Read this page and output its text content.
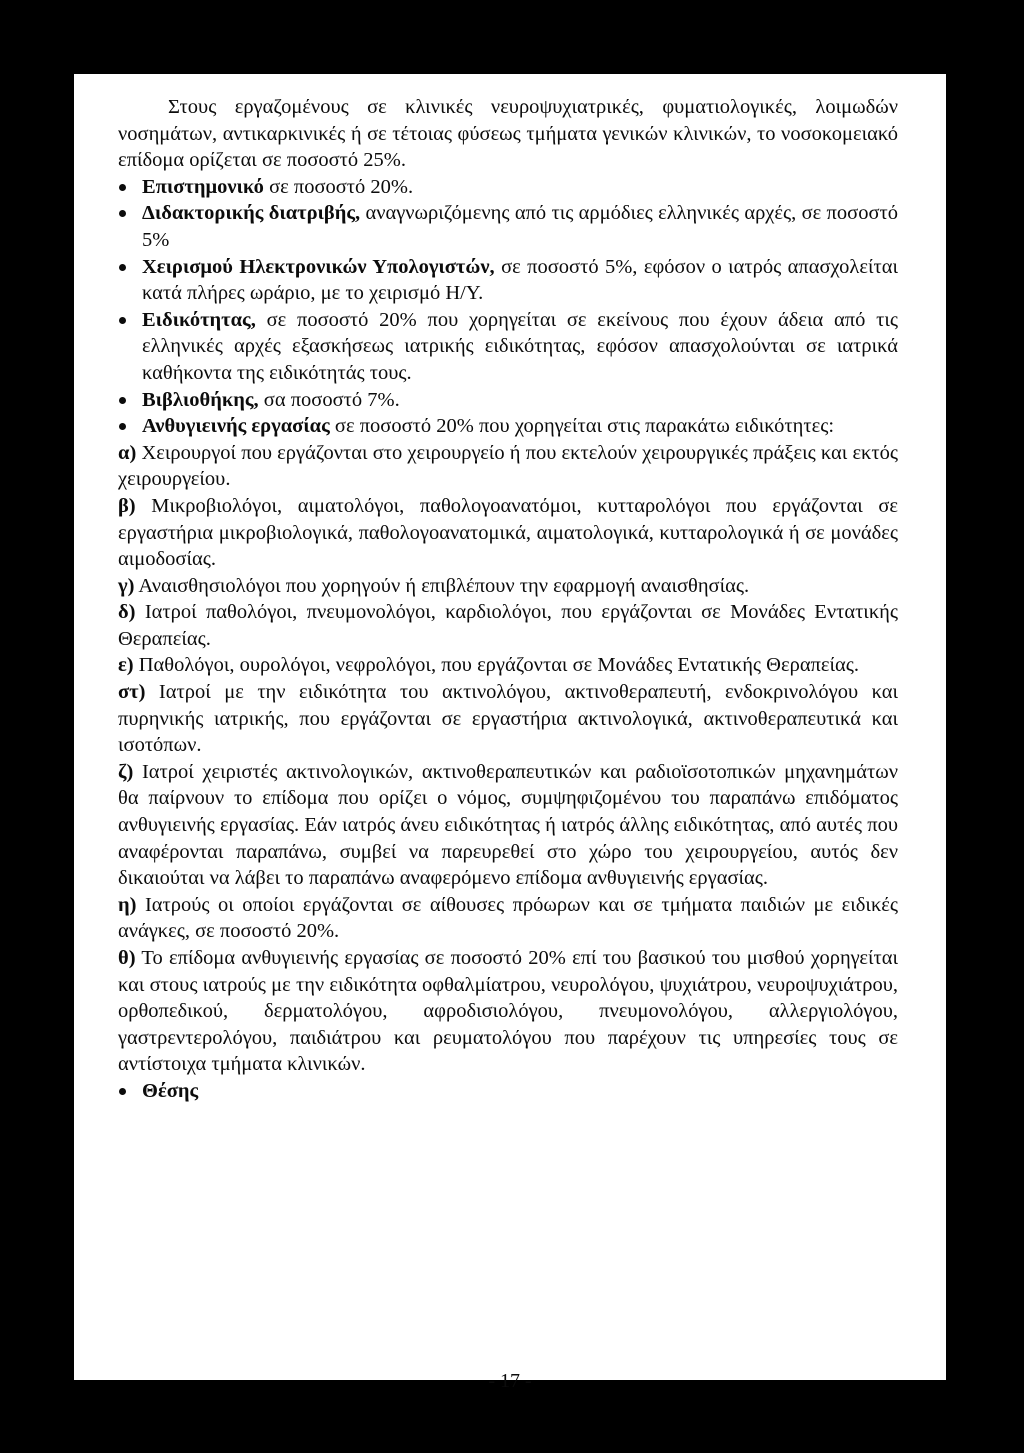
Στους εργαζομένους σε κλινικές νευροψυχιατρικές, φυματιολογικές, λοιμωδών νοσημάτων, αντικαρκινικές ή σε τέτοιας φύσεως τμήματα γενικών κλινικών, το νοσοκομειακό επίδομα ορίζεται σε ποσοστό 25%.

Επιστημονικό σε ποσοστό 20%.
Διδακτορικής διατριβής, αναγνωριζόμενης από τις αρμόδιες ελληνικές αρχές, σε ποσοστό 5%
Χειρισμού Ηλεκτρονικών Υπολογιστών, σε ποσοστό 5%, εφόσον ο ιατρός απασχολείται κατά πλήρες ωράριο, με το χειρισμό Η/Υ.
Ειδικότητας, σε ποσοστό 20% που χορηγείται σε εκείνους που έχουν άδεια από τις ελληνικές αρχές εξασκήσεως ιατρικής ειδικότητας, εφόσον απασχολούνται σε ιατρικά καθήκοντα της ειδικότητάς τους.
Βιβλιοθήκης, σα ποσοστό 7%.
Ανθυγιεινής εργασίας σε ποσοστό 20% που χορηγείται στις παρακάτω ειδικότητες:

α) Χειρουργοί που εργάζονται στο χειρουργείο ή που εκτελούν χειρουργικές πράξεις και εκτός χειρουργείου.

β) Μικροβιολόγοι, αιματολόγοι, παθολογοανατόμοι, κυτταρολόγοι που εργάζονται σε εργαστήρια μικροβιολογικά, παθολογοανατομικά, αιματολογικά, κυτταρολογικά ή σε μονάδες αιμοδοσίας.

γ) Αναισθησιολόγοι που χορηγούν ή επιβλέπουν την εφαρμογή αναισθησίας.

δ) Ιατροί παθολόγοι, πνευμονολόγοι, καρδιολόγοι, που εργάζονται σε Μονάδες Εντατικής Θεραπείας.

ε) Παθολόγοι, ουρολόγοι, νεφρολόγοι, που εργάζονται σε Μονάδες Εντατικής Θεραπείας.

στ) Ιατροί με την ειδικότητα του ακτινολόγου, ακτινοθεραπευτή, ενδοκρινολόγου και πυρηνικής ιατρικής, που εργάζονται σε εργαστήρια ακτινολογικά, ακτινοθεραπευτικά και ισοτόπων.

ζ) Ιατροί χειριστές ακτινολογικών, ακτινοθεραπευτικών και ραδιοϊσοτοπικών μηχανημάτων θα παίρνουν το επίδομα που ορίζει ο νόμος, συμψηφιζομένου του παραπάνω επιδόματος ανθυγιεινής εργασίας. Εάν ιατρός άνευ ειδικότητας ή ιατρός άλλης ειδικότητας, από αυτές που αναφέρονται παραπάνω, συμβεί να παρευρεθεί στο χώρο του χειρουργείου, αυτός δεν δικαιούται να λάβει το παραπάνω αναφερόμενο επίδομα ανθυγιεινής εργασίας.

η) Ιατρούς οι οποίοι εργάζονται σε αίθουσες πρόωρων και σε τμήματα παιδιών με ειδικές ανάγκες, σε ποσοστό 20%.

θ) Το επίδομα ανθυγιεινής εργασίας σε ποσοστό 20% επί του βασικού του μισθού χορηγείται και στους ιατρούς με την ειδικότητα οφθαλμίατρου, νευρολόγου, ψυχιάτρου, νευροψυχιάτρου, ορθοπεδικού, δερματολόγου, αφροδισιολόγου, πνευμονολόγου, αλλεργιολόγου, γαστρεντερολόγου, παιδιάτρου και ρευματολόγου που παρέχουν τις υπηρεσίες τους σε αντίστοιχα τμήματα κλινικών.

Θέσης
- 17 -
